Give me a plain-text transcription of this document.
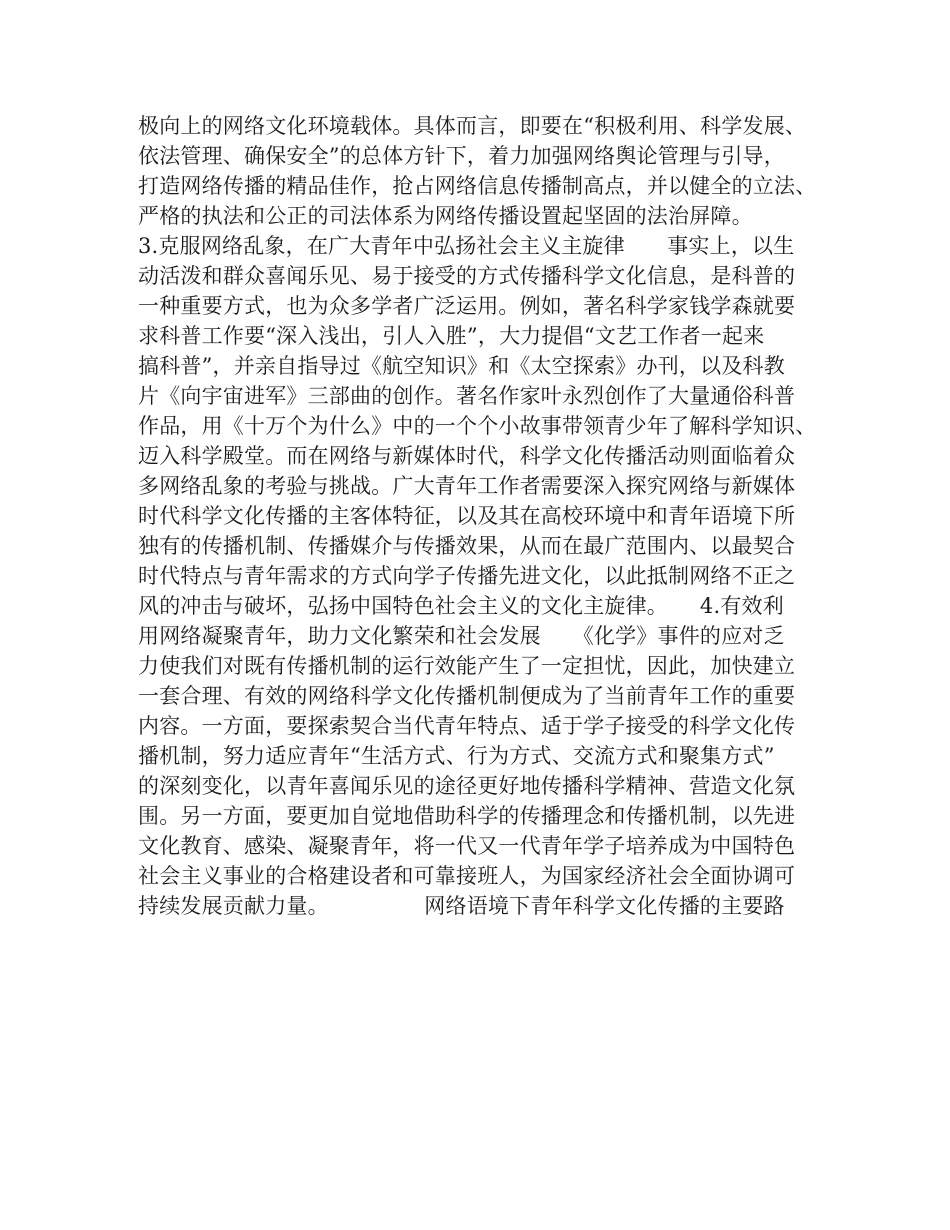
极向上的网络文化环境载体。具体而言，即要在“积极利用、科学发展、
依法管理、确保安全”的总体方针下，着力加强网络舆论管理与引导，
打造网络传播的精品佳作，抢占网络信息传播制高点，并以健全的立法、
严格的执法和公正的司法体系为网络传播设置起坚固的法治屏障。
3.克服网络乱象，在广大青年中弘扬社会主义主旋律　　事实上，以生
动活泼和群众喜闻乐见、易于接受的方式传播科学文化信息，是科普的
一种重要方式，也为众多学者广泛运用。例如，著名科学家钱学森就要
求科普工作要“深入浅出，引人入胜”，大力提倡“文艺工作者一起来
搞科普”，并亲自指导过《航空知识》和《太空探索》办刊，以及科教
片《向宇宙进军》三部曲的创作。著名作家叶永烈创作了大量通俗科普
作品，用《十万个为什么》中的一个个小故事带领青少年了解科学知识、
迈入科学殿堂。而在网络与新媒体时代，科学文化传播活动则面临着众
多网络乱象的考验与挑战。广大青年工作者需要深入探究网络与新媒体
时代科学文化传播的主客体特征，以及其在高校环境中和青年语境下所
独有的传播机制、传播媒介与传播效果，从而在最广范围内、以最契合
时代特点与青年需求的方式向学子传播先进文化，以此抵制网络不正之
风的冲击与破坏，弘扬中国特色社会主义的文化主旋律。　　4.有效利
用网络凝聚青年，助力文化繁荣和社会发展　　《化学》事件的应对乏
力使我们对既有传播机制的运行效能产生了一定担忧，因此，加快建立
一套合理、有效的网络科学文化传播机制便成为了当前青年工作的重要
内容。一方面，要探索契合当代青年特点、适于学子接受的科学文化传
播机制，努力适应青年“生活方式、行为方式、交流方式和聚集方式”
的深刻变化，以青年喜闻乐见的途径更好地传播科学精神、营造文化氛
围。另一方面，要更加自觉地借助科学的传播理念和传播机制，以先进
文化教育、感染、凝聚青年，将一代又一代青年学子培养成为中国特色
社会主义事业的合格建设者和可靠接班人，为国家经济社会全面协调可
持续发展贡献力量。　　　　　网络语境下青年科学文化传播的主要路
